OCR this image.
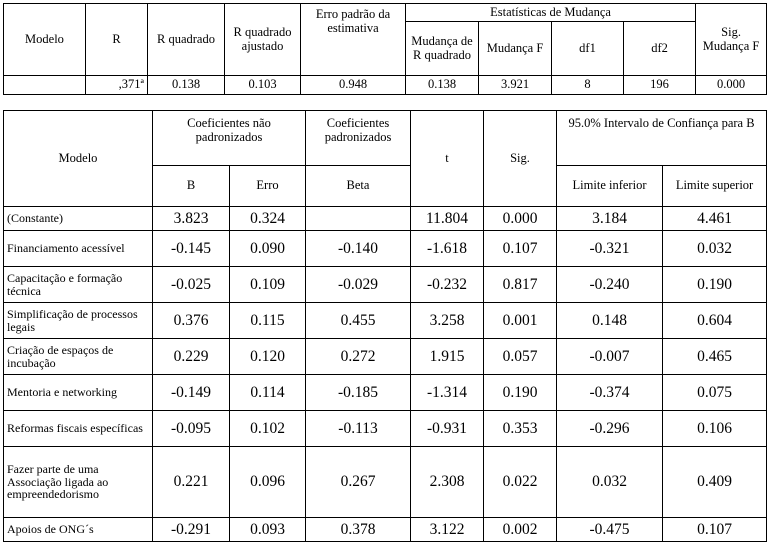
Modelo	R	R quadrado	R quadrado ajustado	Erro padrão da estimativa	Estatísticas de Mudança				Sig. Mudança F
					Mudança de R quadrado	Mudança F	df1	df2	
	,371ª	0.138	0.103	0.948	0.138	3.921	8	196	0.000
Modelo	Coeficientes não padronizados		Coeficientes padronizados	t	Sig.	95.0% Intervalo de Confiança para B	
	B	Erro	Beta			Limite inferior	Limite superior
(Constante)	3.823	0.324		11.804	0.000	3.184	4.461
Financiamento acessível	-0.145	0.090	-0.140	-1.618	0.107	-0.321	0.032
Capacitação e formação técnica	-0.025	0.109	-0.029	-0.232	0.817	-0.240	0.190
Simplificação de processos legais	0.376	0.115	0.455	3.258	0.001	0.148	0.604
Criação de espaços de incubação	0.229	0.120	0.272	1.915	0.057	-0.007	0.465
Mentoria e networking	-0.149	0.114	-0.185	-1.314	0.190	-0.374	0.075
Reformas fiscais específicas	-0.095	0.102	-0.113	-0.931	0.353	-0.296	0.106
Fazer parte de uma Associação ligada ao empreendedorismo	0.221	0.096	0.267	2.308	0.022	0.032	0.409
Apoios de ONG´s	-0.291	0.093	0.378	3.122	0.002	-0.475	0.107
